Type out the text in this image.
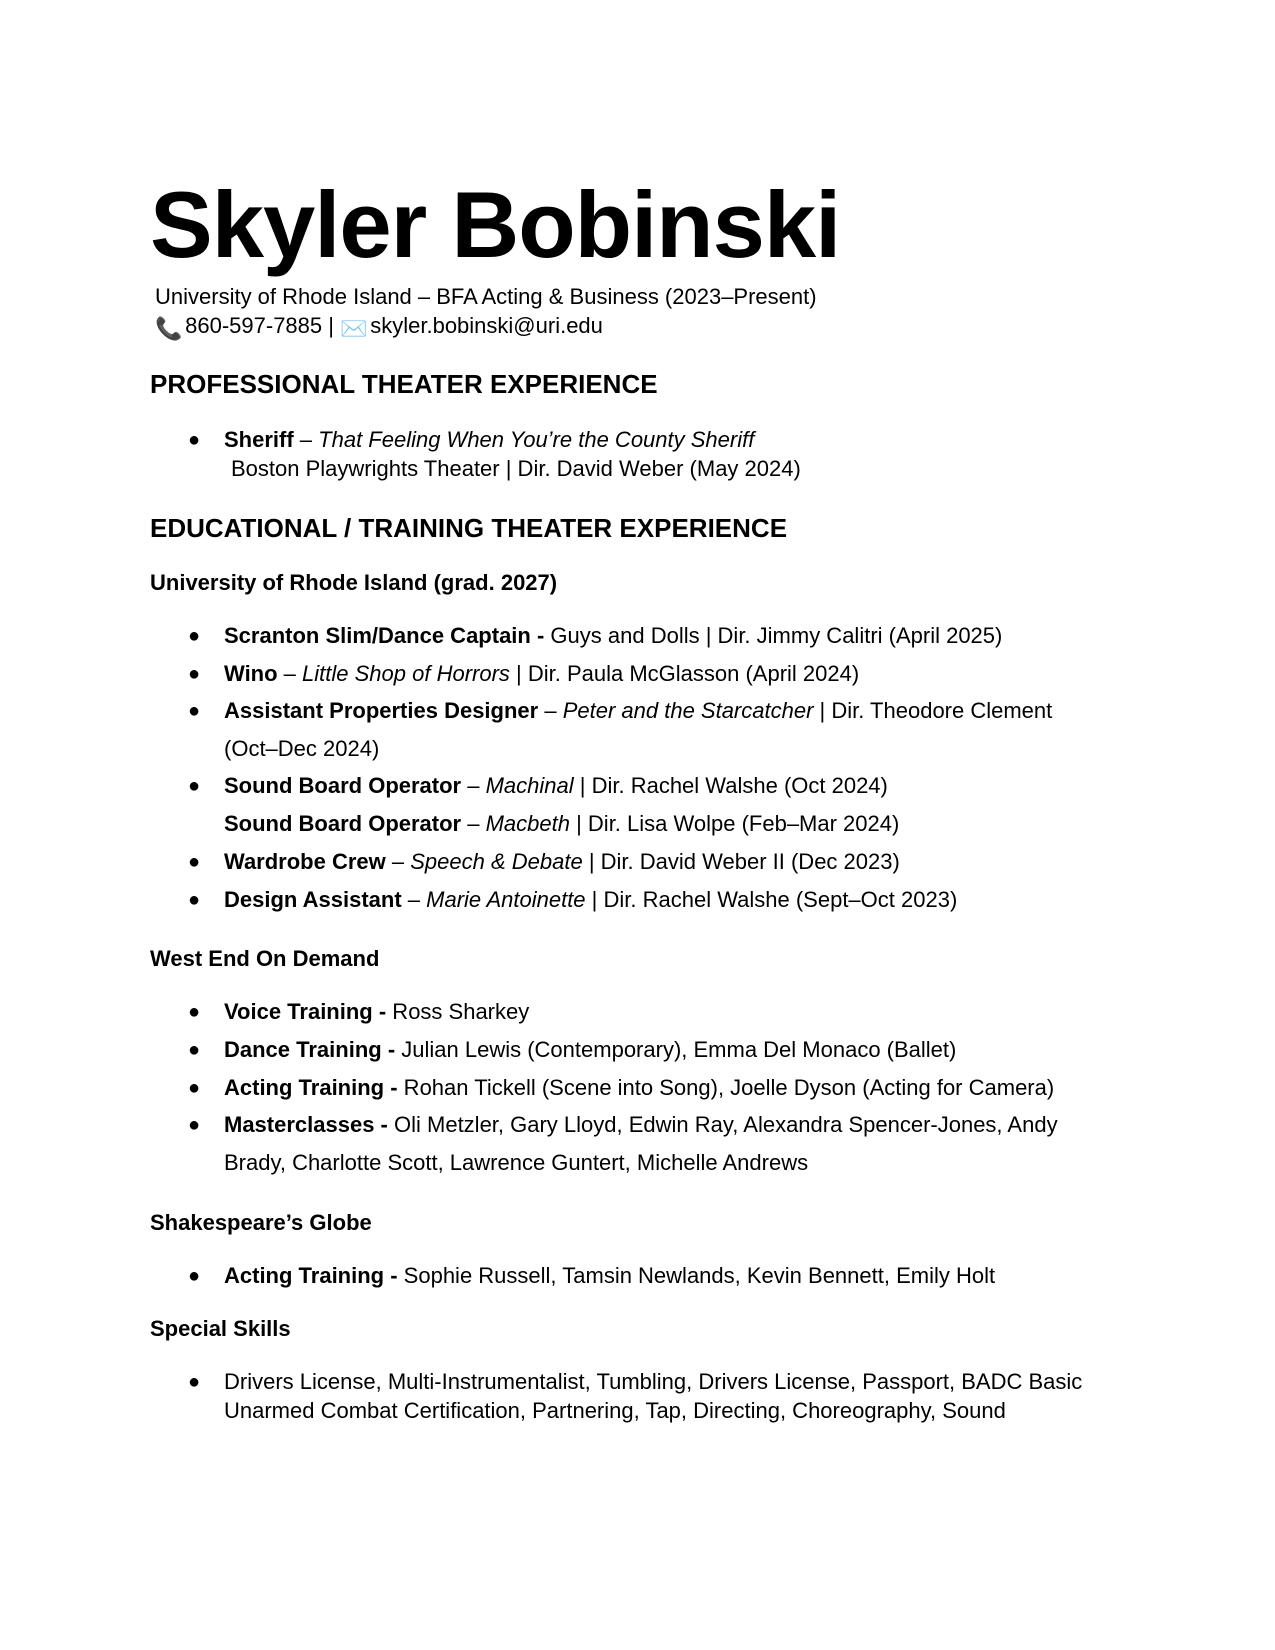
Skyler Bobinski
University of Rhode Island – BFA Acting & Business (2023–Present)
📞 860-597-7885 | ✉️ skyler.bobinski@uri.edu
PROFESSIONAL THEATER EXPERIENCE
● Sheriff – That Feeling When You’re the County Sheriff
Boston Playwrights Theater | Dir. David Weber (May 2024)
EDUCATIONAL / TRAINING THEATER EXPERIENCE
University of Rhode Island (grad. 2027)
● Scranton Slim/Dance Captain - Guys and Dolls | Dir. Jimmy Calitri (April 2025)
● Wino – Little Shop of Horrors | Dir. Paula McGlasson (April 2024)
● Assistant Properties Designer – Peter and the Starcatcher | Dir. Theodore Clement
(Oct–Dec 2024)
● Sound Board Operator – Machinal | Dir. Rachel Walshe (Oct 2024)
Sound Board Operator – Macbeth | Dir. Lisa Wolpe (Feb–Mar 2024)
● Wardrobe Crew – Speech & Debate | Dir. David Weber II (Dec 2023)
● Design Assistant – Marie Antoinette | Dir. Rachel Walshe (Sept–Oct 2023)
West End On Demand
● Voice Training - Ross Sharkey
● Dance Training - Julian Lewis (Contemporary), Emma Del Monaco (Ballet)
● Acting Training - Rohan Tickell (Scene into Song), Joelle Dyson (Acting for Camera)
● Masterclasses - Oli Metzler, Gary Lloyd, Edwin Ray, Alexandra Spencer-Jones, Andy
Brady, Charlotte Scott, Lawrence Guntert, Michelle Andrews
Shakespeare’s Globe
● Acting Training - Sophie Russell, Tamsin Newlands, Kevin Bennett, Emily Holt
Special Skills
● Drivers License, Multi-Instrumentalist, Tumbling, Drivers License, Passport, BADC Basic
Unarmed Combat Certification, Partnering, Tap, Directing, Choreography, Sound
